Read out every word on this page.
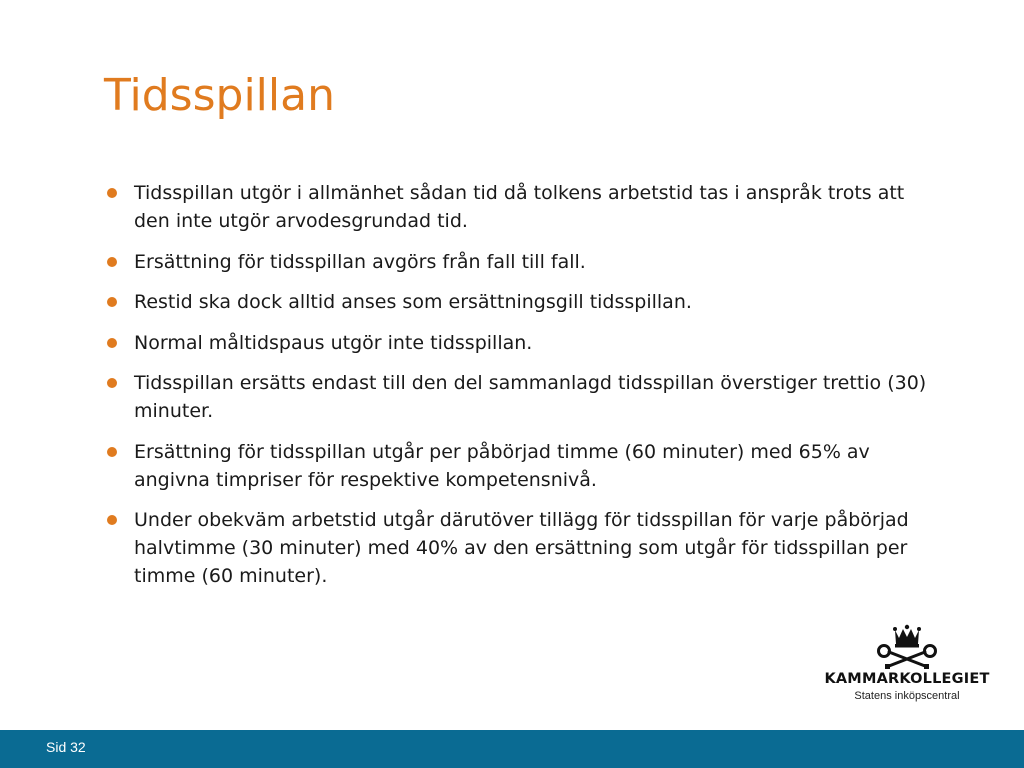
Tidsspillan
Tidsspillan utgör i allmänhet sådan tid då tolkens arbetstid tas i anspråk trots att den inte utgör arvodesgrundad tid.
Ersättning för tidsspillan avgörs från fall till fall.
Restid ska dock alltid anses som ersättningsgill tidsspillan.
Normal måltidspaus utgör inte tidsspillan.
Tidsspillan ersätts endast till den del sammanlagd tidsspillan överstiger trettio (30) minuter.
Ersättning för tidsspillan utgår per påbörjad timme (60 minuter) med 65% av angivna timpriser för respektive kompetensnivå.
Under obekväm arbetstid utgår därutöver tillägg för tidsspillan för varje påbörjad halvtimme (30 minuter) med 40% av den ersättning som utgår för tidsspillan per timme (60 minuter).
KAMMARKOLLEGIET
Statens inköpscentral
Sid 32
